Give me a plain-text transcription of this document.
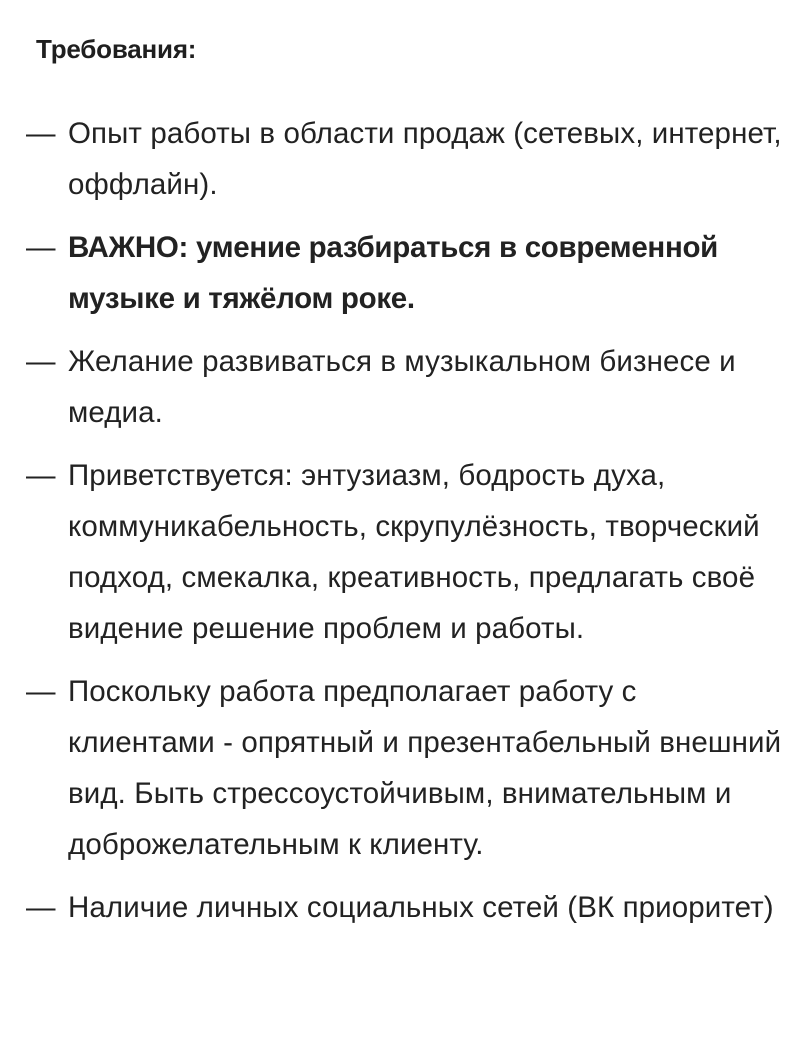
Требования:
— Опыт работы в области продаж (сетевых, интернет, оффлайн).
— ВАЖНО: умение разбираться в современной музыке и тяжёлом роке.
— Желание развиваться в музыкальном бизнесе и медиа.
— Приветствуется: энтузиазм, бодрость духа, коммуникабельность, скрупулёзность, творческий подход, смекалка, креативность, предлагать своё видение решение проблем и работы.
— Поскольку работа предполагает работу с клиентами - опрятный и презентабельный внешний вид. Быть стрессоустойчивым, внимательным и доброжелательным к клиенту.
— Наличие личных социальных сетей (ВК приоритет)
